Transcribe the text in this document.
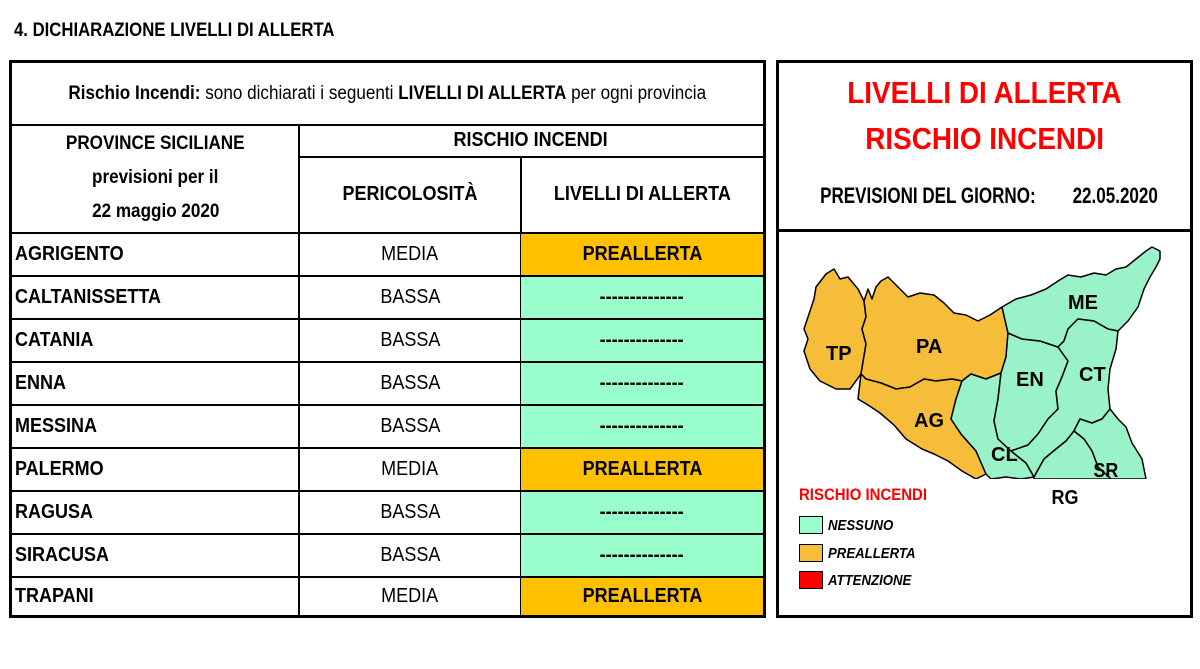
4. DICHIARAZIONE LIVELLI DI ALLERTA
Rischio Incendi: sono dichiarati i seguenti LIVELLI DI ALLERTA per ogni provincia
PROVINCE SICILIANE
previsioni per il
22 maggio 2020
RISCHIO INCENDI
PERICOLOSITÀ	LIVELLI DI ALLERTA
AGRIGENTO	MEDIA	PREALLERTA
CALTANISSETTA	BASSA	--------------
CATANIA	BASSA	--------------
ENNA	BASSA	--------------
MESSINA	BASSA	--------------
PALERMO	MEDIA	PREALLERTA
RAGUSA	BASSA	--------------
SIRACUSA	BASSA	--------------
TRAPANI	MEDIA	PREALLERTA
LIVELLI DI ALLERTA
RISCHIO INCENDI
PREVISIONI DEL GIORNO: 22.05.2020
TP	PA
AG
CL
EN CT
ME
RG
SR
RISCHIO INCENDI
NESSUNO
PREALLERTA
ATTENZIONE
